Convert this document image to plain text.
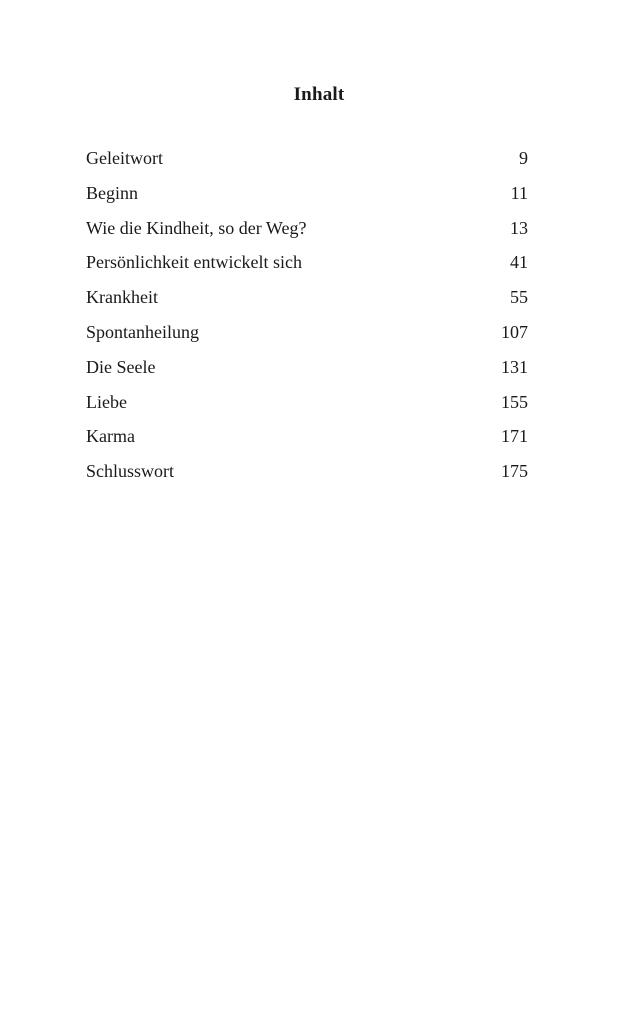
Inhalt
Geleitwort	9
Beginn	11
Wie die Kindheit, so der Weg?	13
Persönlichkeit entwickelt sich	41
Krankheit	55
Spontanheilung	107
Die Seele	131
Liebe	155
Karma	171
Schlusswort	175
